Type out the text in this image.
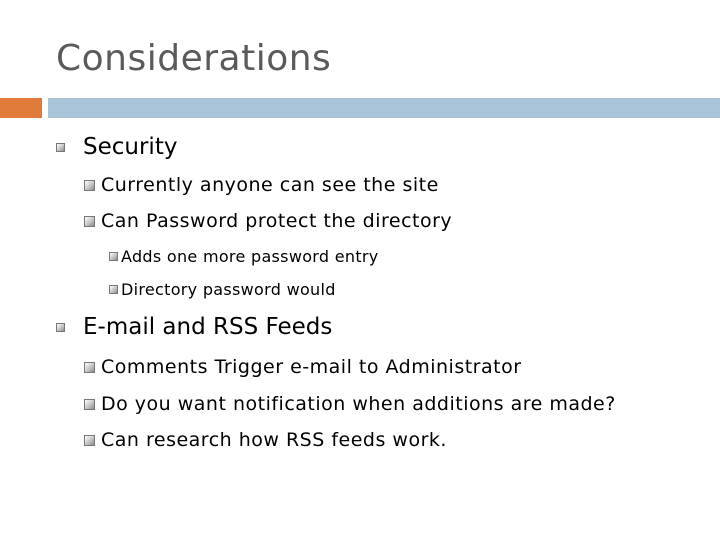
Considerations
Security
Currently anyone can see the site
Can Password protect the directory
Adds one more password entry
Directory password would
E-mail and RSS Feeds
Comments Trigger e-mail to Administrator
Do you want notification when additions are made?
Can research how RSS feeds work.
